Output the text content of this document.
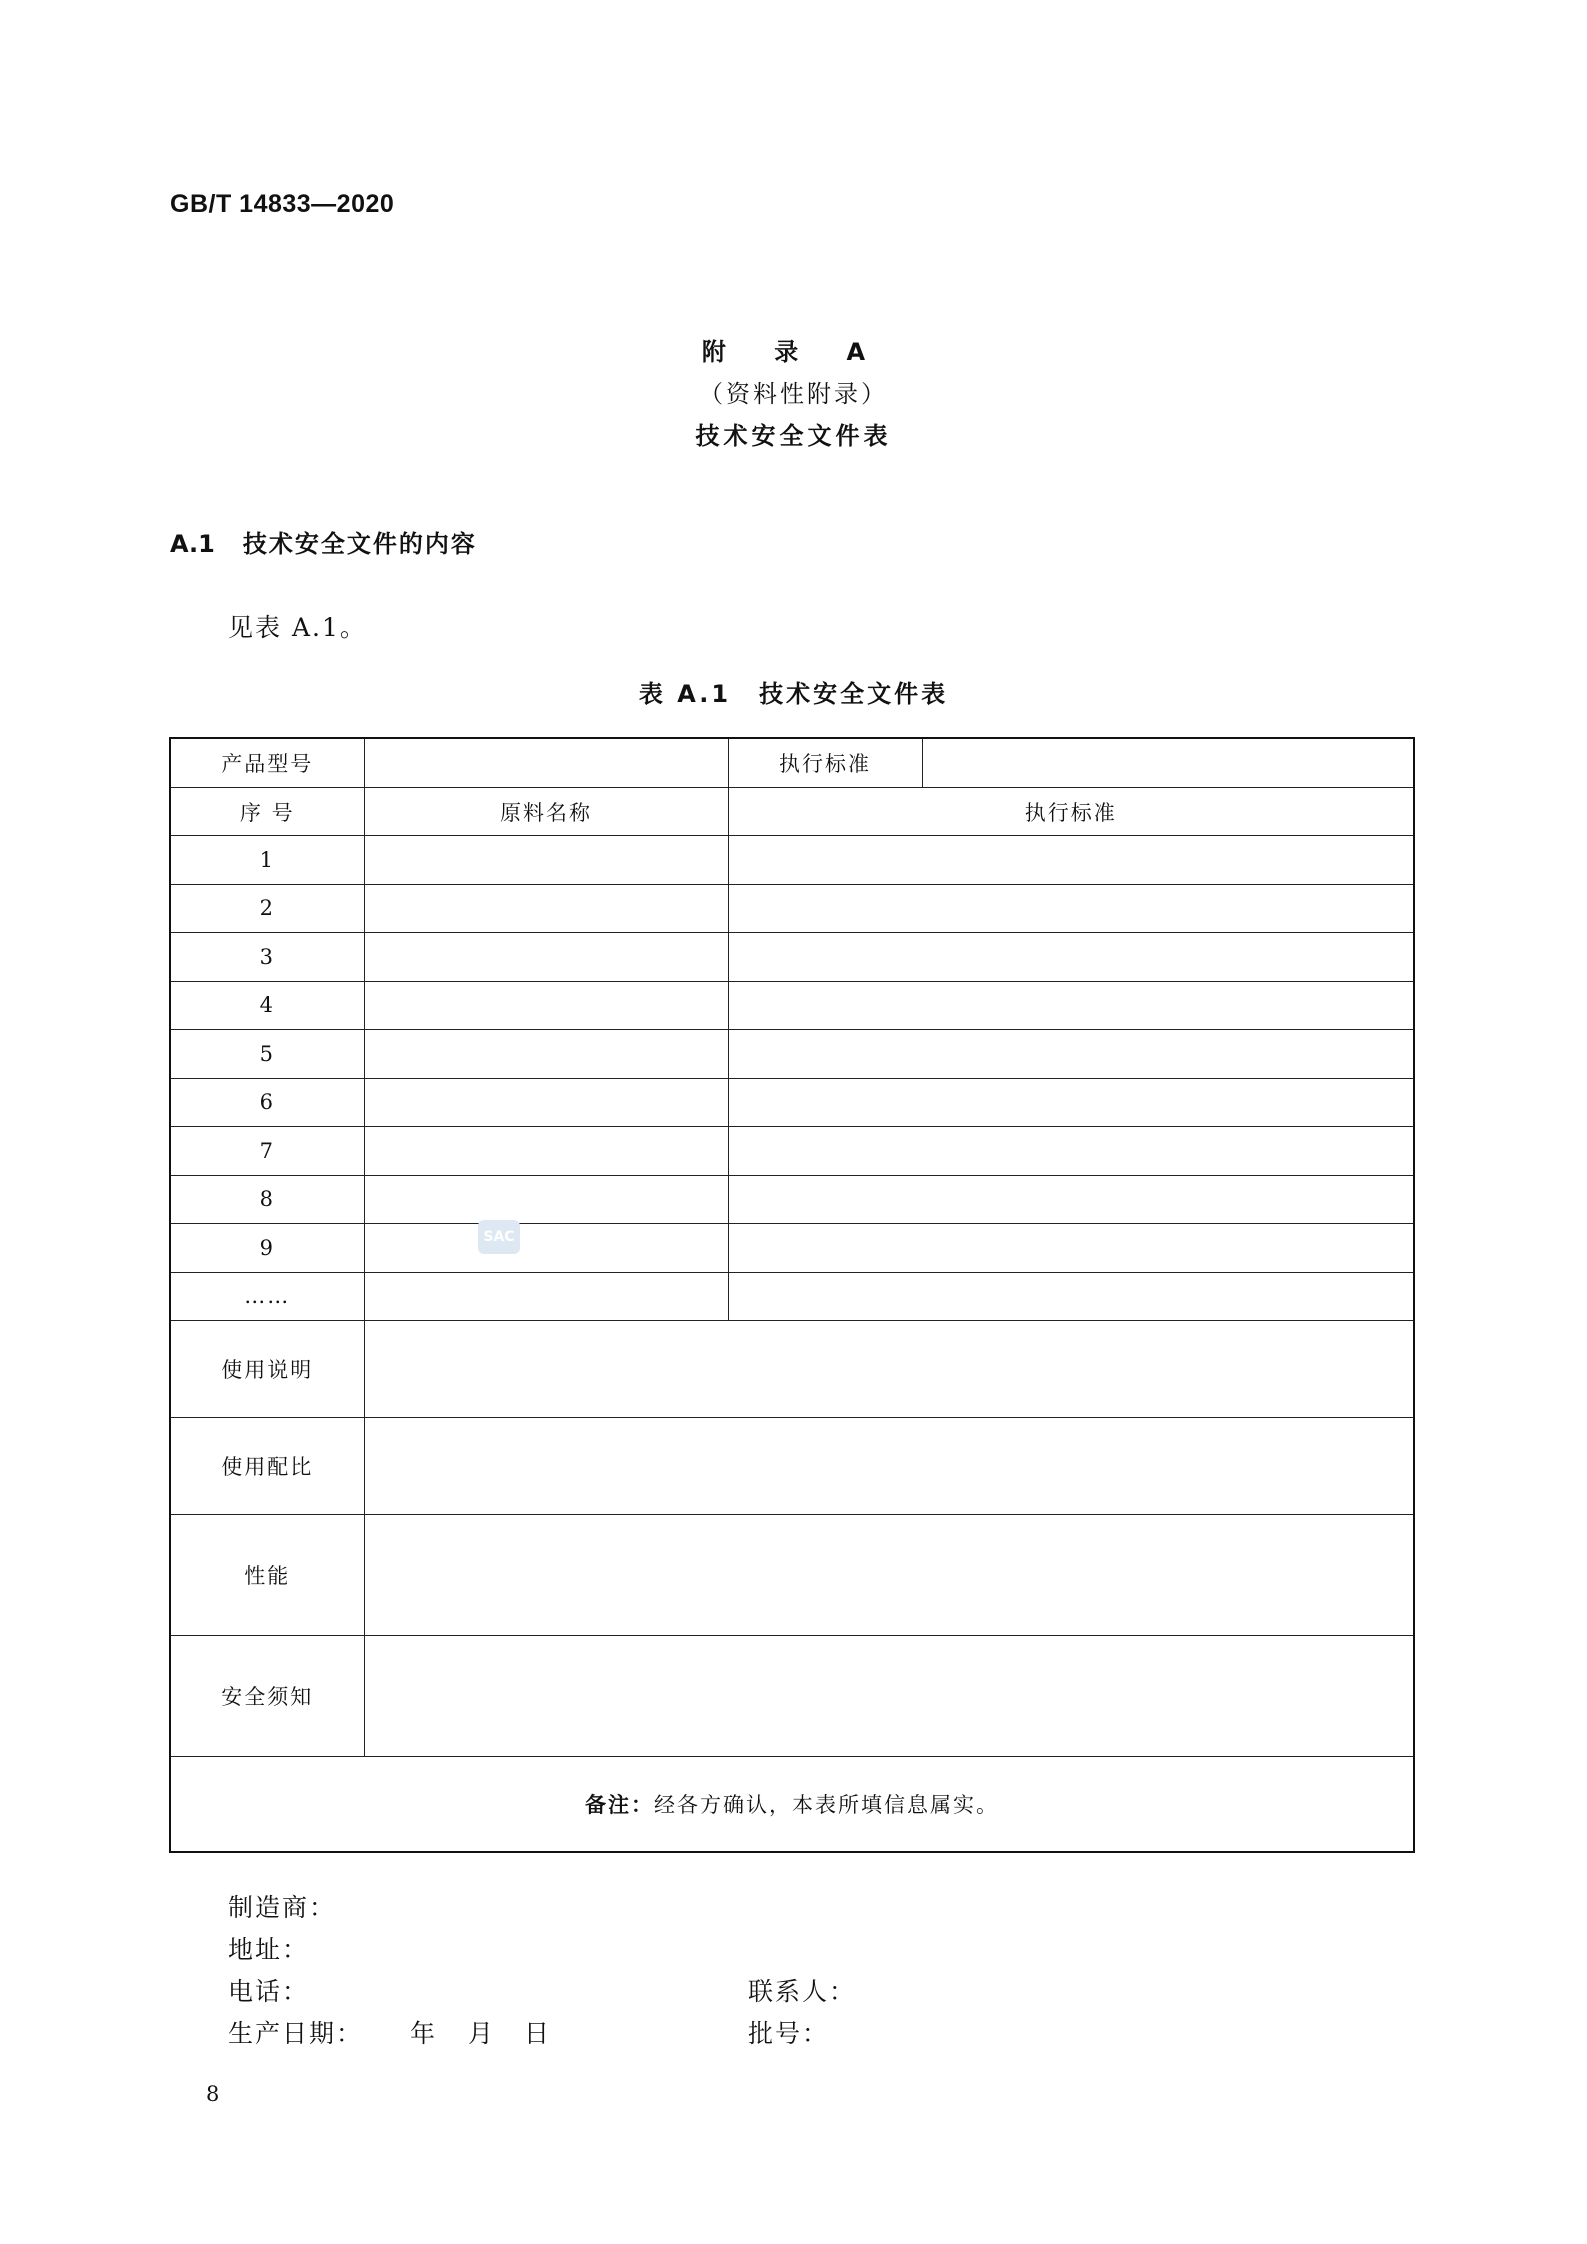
GB/T 14833—2020
附 录 A
（资料性附录）
技术安全文件表
A.1 技术安全文件的内容
见表 A.1。
表 A.1 技术安全文件表
产品型号		执行标准	
序 号	原料名称	执行标准	
1			
2			
3			
4			
5			
6			
7			
8			
9			
……			
使用说明			
使用配比			
性能			
安全须知			
备注：经各方确认，本表所填信息属实。			
SAC
制造商：
地址：
电话：	联系人：
生产日期： 年 月 日	批号：
8
